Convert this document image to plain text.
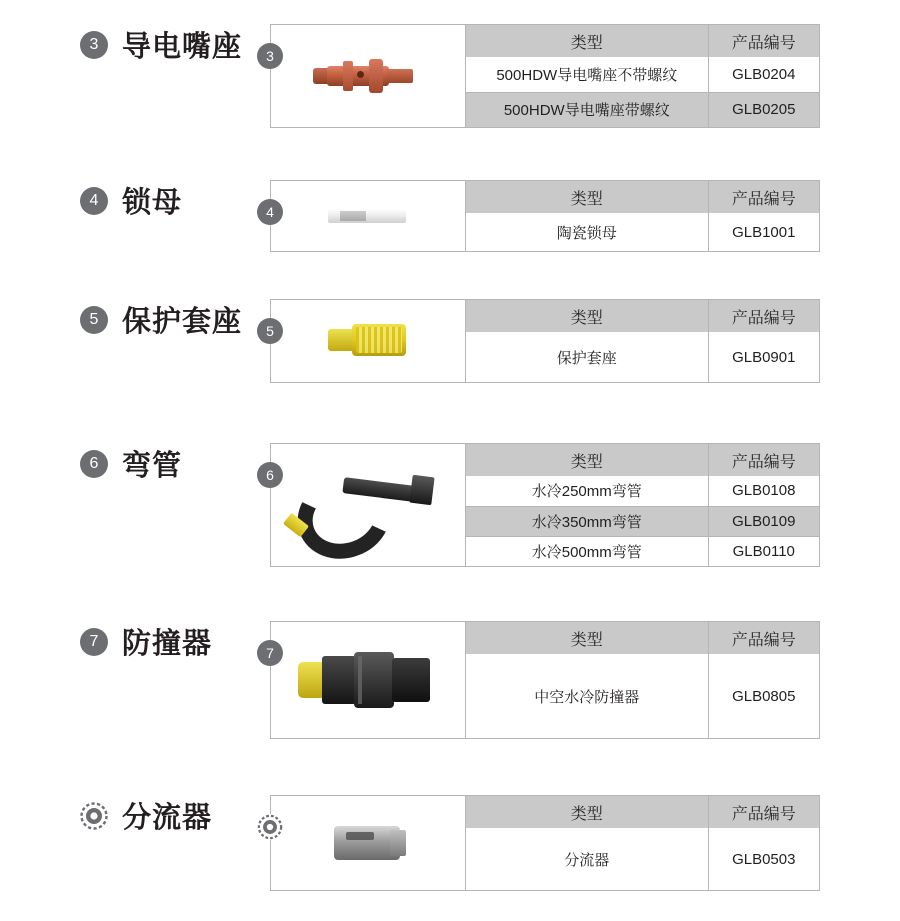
3 导电嘴座	3
类型	产品编号
500HDW导电嘴座不带螺纹	GLB0204
500HDW导电嘴座带螺纹	GLB0205
4 锁母	4
类型	产品编号
陶瓷锁母	GLB1001
5 保护套座	5
类型	产品编号
保护套座	GLB0901
6 弯管	6
类型	产品编号
水冷250mm弯管	GLB0108
水冷350mm弯管	GLB0109
水冷500mm弯管	GLB0110
7 防撞器	7
类型	产品编号
中空水冷防撞器	GLB0805
分流器	类型	产品编号
分流器	GLB0503
